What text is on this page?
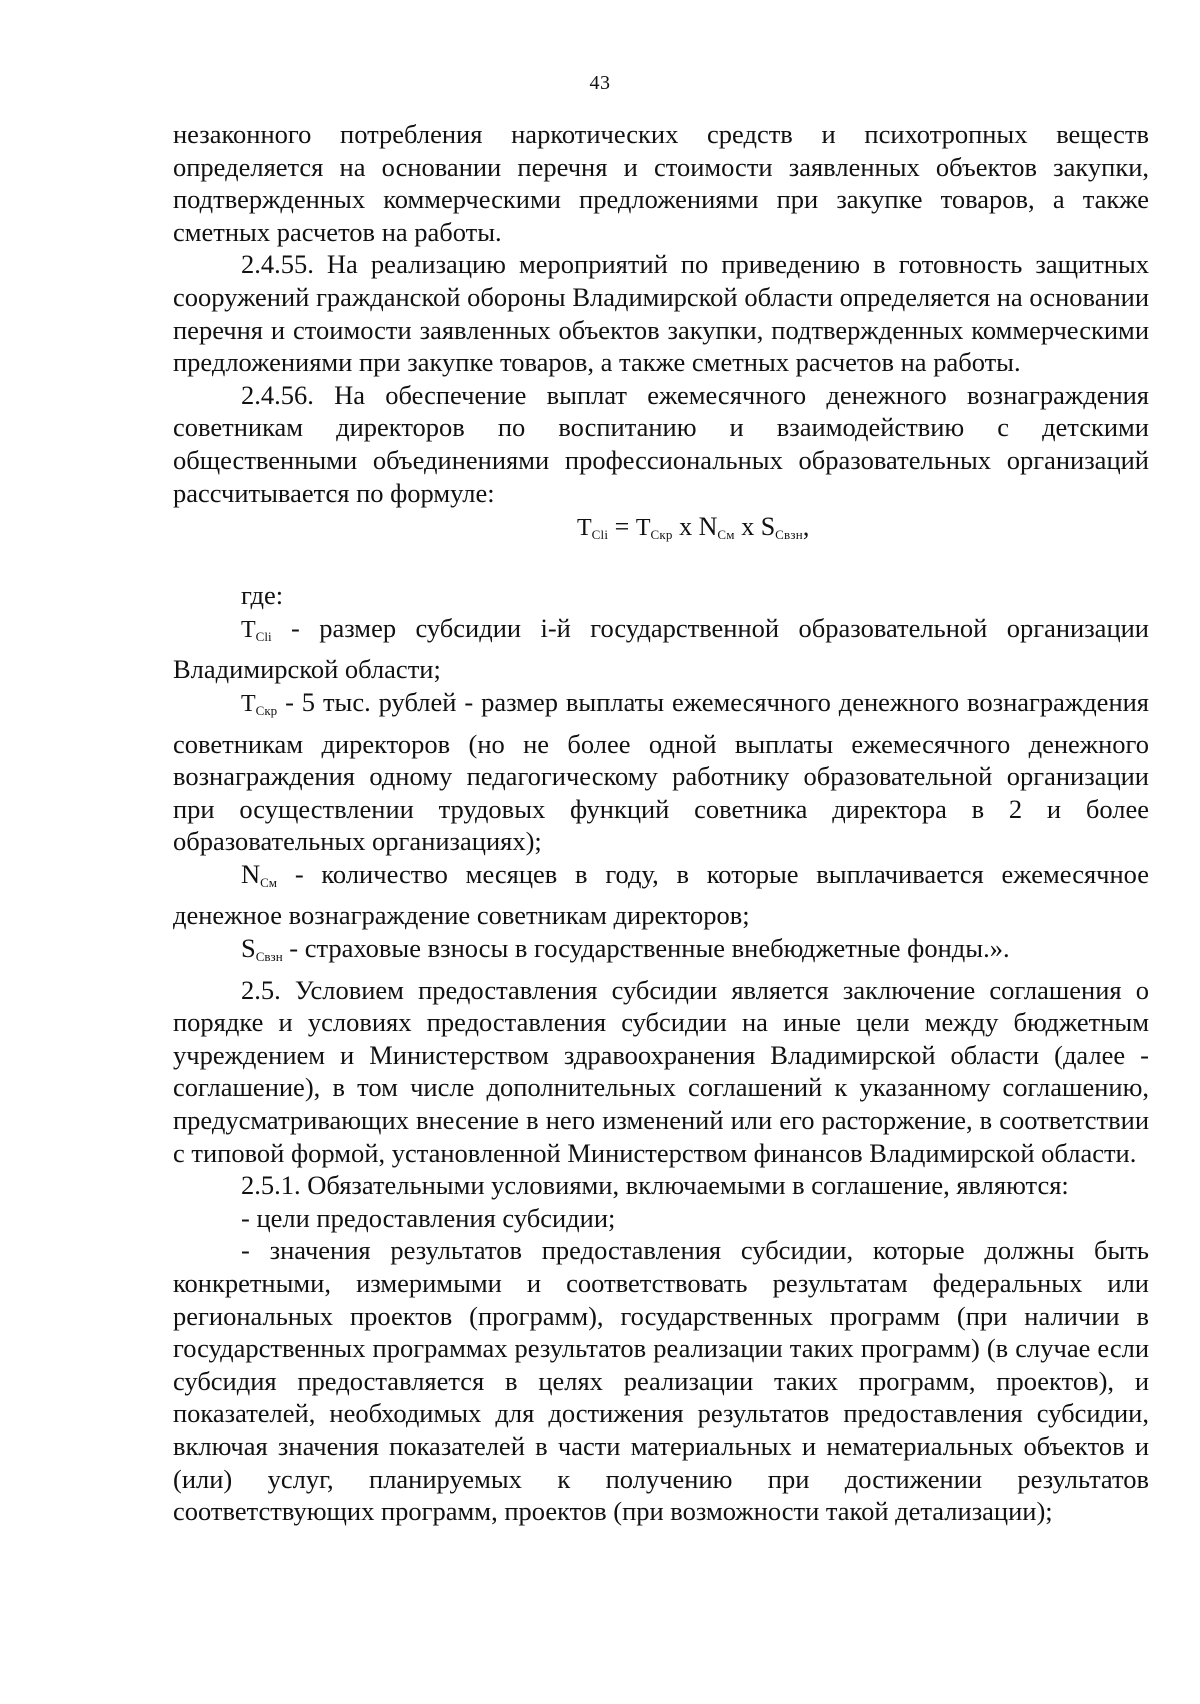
43

незаконного потребления наркотических средств и психотропных веществ определяется на основании перечня и стоимости заявленных объектов закупки, подтвержденных коммерческими предложениями при закупке товаров, а также сметных расчетов на работы.

2.4.55. На реализацию мероприятий по приведению в готовность защитных сооружений гражданской обороны Владимирской области определяется на основании перечня и стоимости заявленных объектов закупки, подтвержденных коммерческими предложениями при закупке товаров, а также сметных расчетов на работы.

2.4.56. На обеспечение выплат ежемесячного денежного вознаграждения советникам директоров по воспитанию и взаимодействию с детскими общественными объединениями профессиональных образовательных организаций рассчитывается по формуле:

$Т_{Cli} = Т_{Скр}$ х $N_{См}$ х $S_{Свзн}$,

где:

$Т_{Cli}$ - размер субсидии i-й государственной образовательной организации Владимирской области;

ТСкр - 5 тыс. рублей - размер выплаты ежемесячного денежного вознаграждения советникам директоров (но не более одной выплаты ежемесячного денежного вознаграждения одному педагогическому работнику образовательной организации при осуществлении трудовых функций советника директора в 2 и более образовательных организациях);

NСм - количество месяцев в году, в которые выплачивается ежемесячное денежное вознаграждение советникам директоров;

SСвзн - страховые взносы в государственные внебюджетные фонды.».

2.5. Условием предоставления субсидии является заключение соглашения о порядке и условиях предоставления субсидии на иные цели между бюджетным учреждением и Министерством здравоохранения Владимирской области (далее - соглашение), в том числе дополнительных соглашений к указанному соглашению, предусматривающих внесение в него изменений или его расторжение, в соответствии с типовой формой, установленной Министерством финансов Владимирской области.

2.5.1. Обязательными условиями, включаемыми в соглашение, являются:

- цели предоставления субсидии;

- значения результатов предоставления субсидии, которые должны быть конкретными, измеримыми и соответствовать результатам федеральных или региональных проектов (программ), государственных программ (при наличии в государственных программах результатов реализации таких программ) (в случае если субсидия предоставляется в целях реализации таких программ, проектов), и показателей, необходимых для достижения результатов предоставления субсидии, включая значения показателей в части материальных и нематериальных объектов и (или) услуг, планируемых к получению при достижении результатов соответствующих программ, проектов (при возможности такой детализации);
